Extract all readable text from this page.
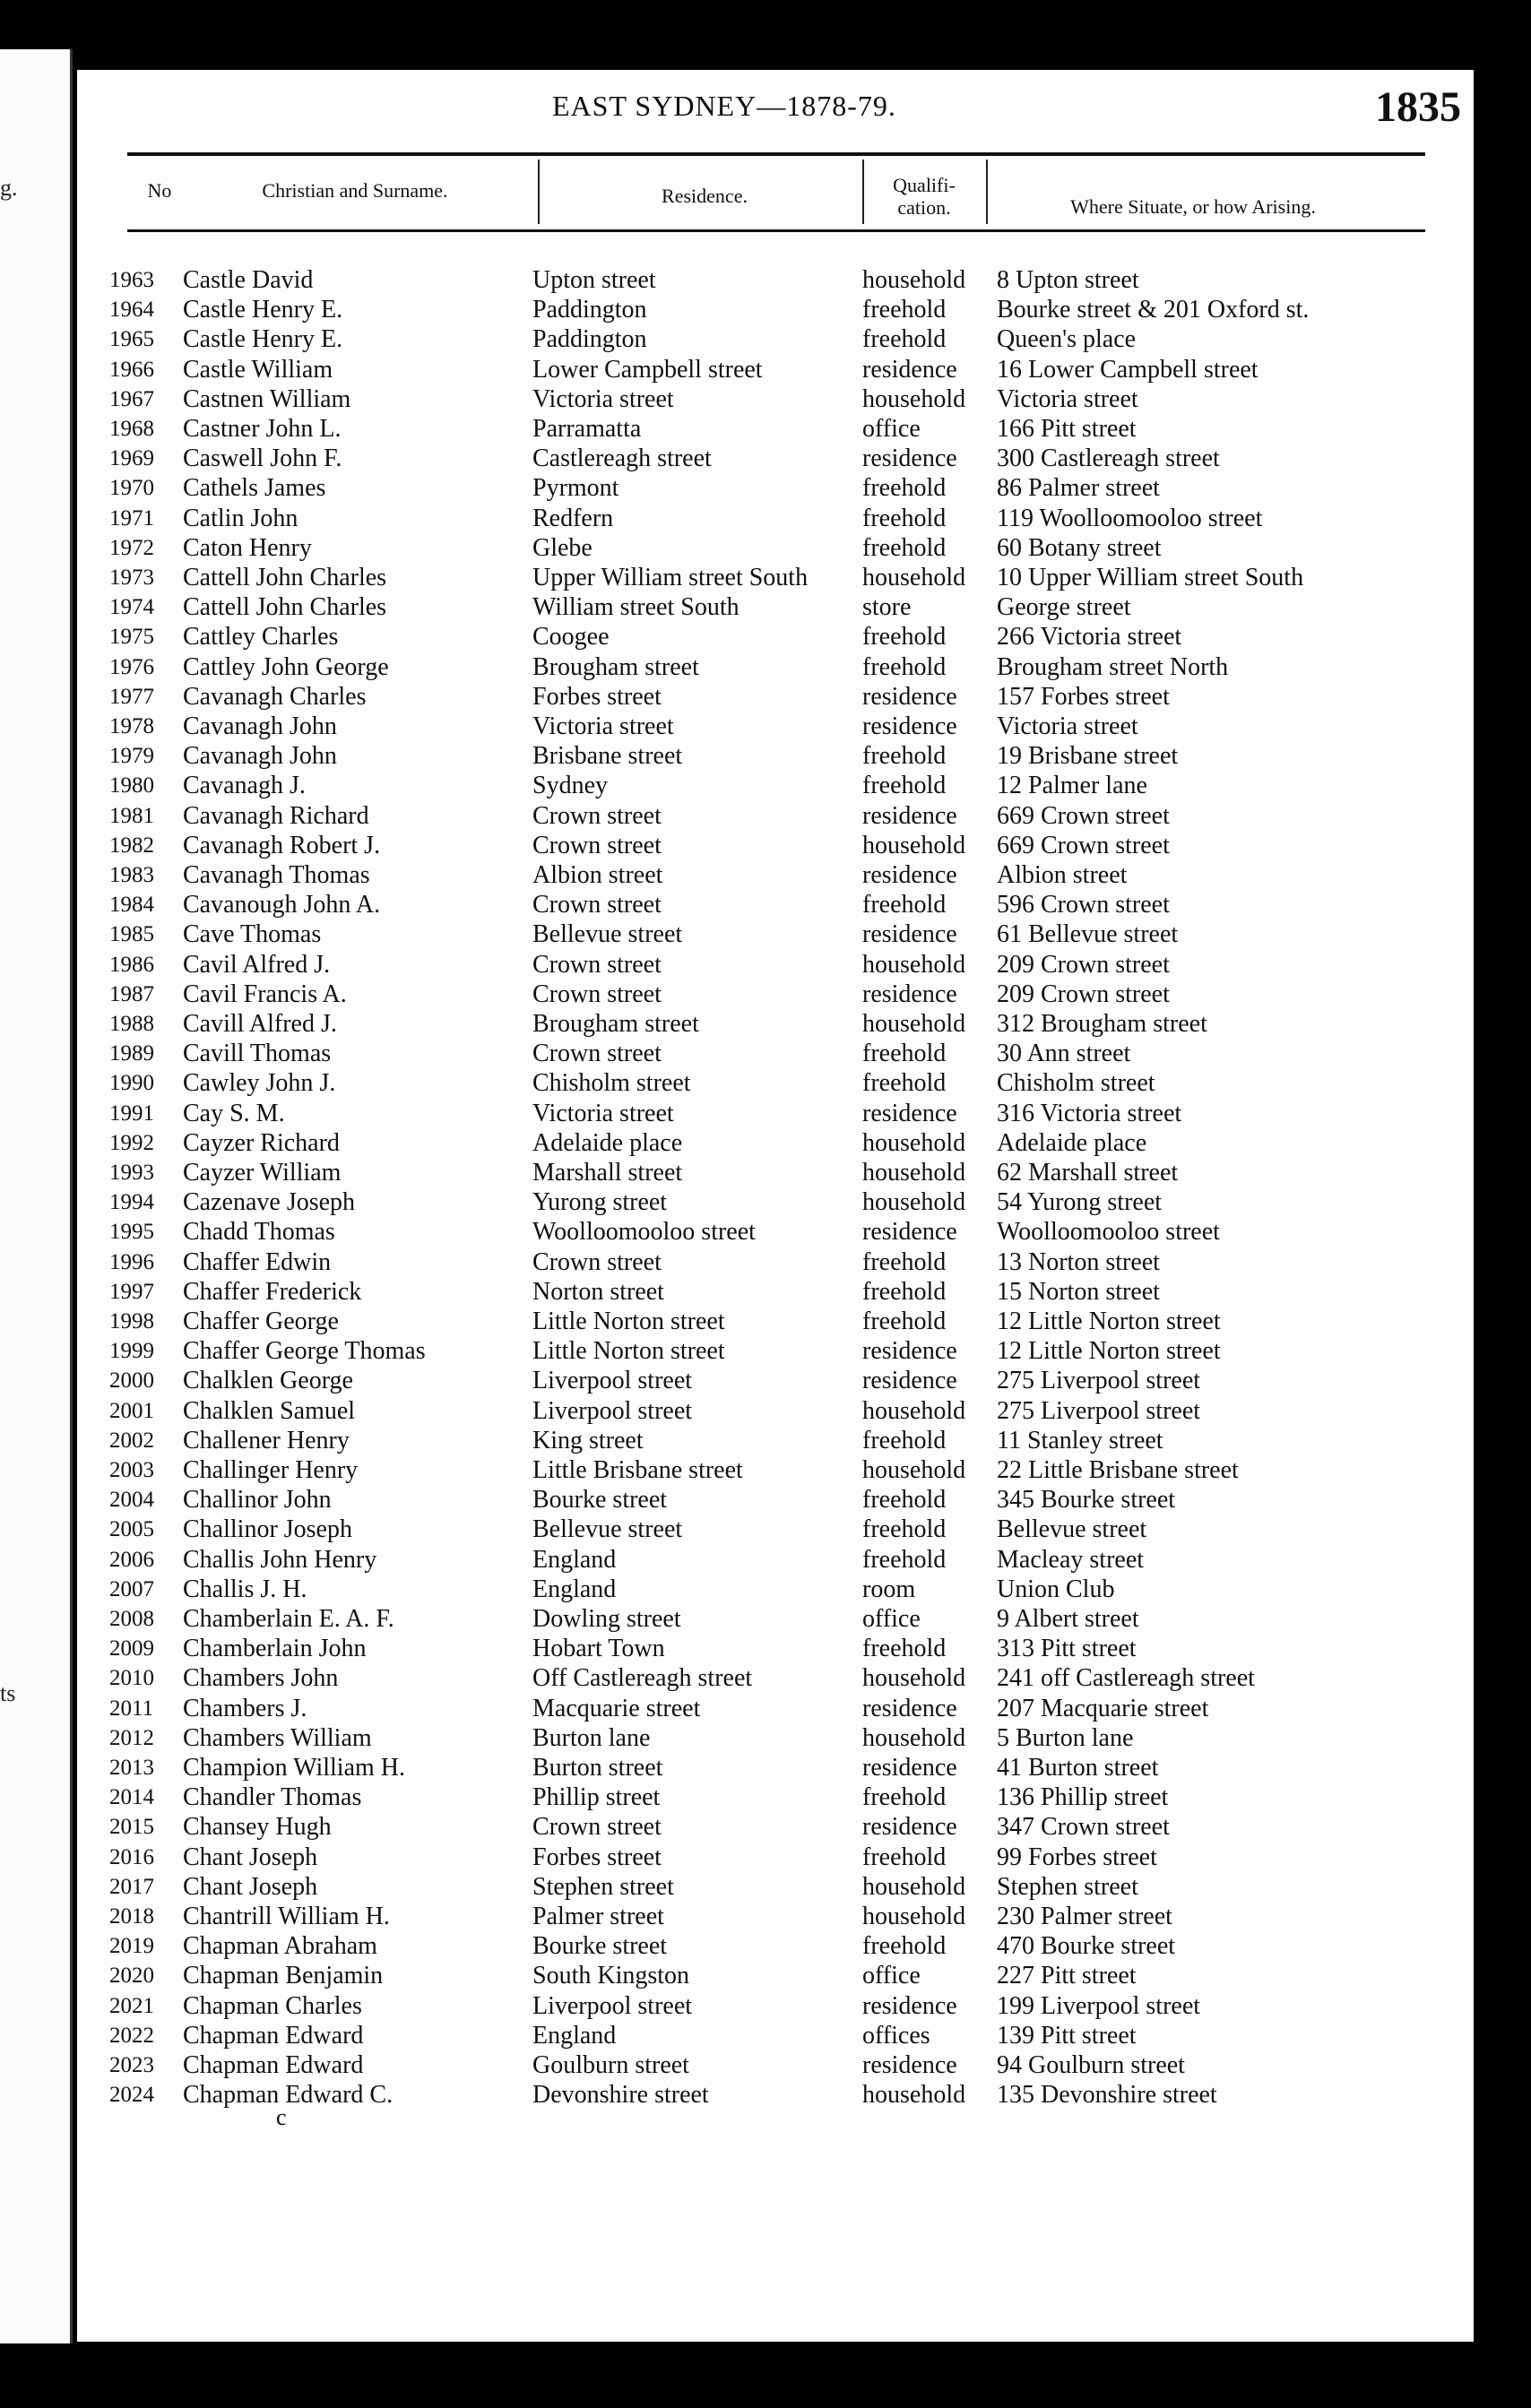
g.
ts
EAST SYDNEY—1878-79.	1835
No	Christian and Surname.	Residence.	Qualifi-
cation.	Where Situate, or how Arising.
1963 Castle David	Upton street	household 8 Upton street
1964 Castle Henry E.	Paddington	freehold Bourke street & 201 Oxford st.
1965 Castle Henry E.	Paddington	freehold Queen's place
1966 Castle William	Lower Campbell street	residence 16 Lower Campbell street
1967 Castnen William	Victoria street	household Victoria street
1968 Castner John L.	Parramatta	office	166 Pitt street
1969 Caswell John F.	Castlereagh street	residence 300 Castlereagh street
1970 Cathels James	Pyrmont	freehold 86 Palmer street
1971 Catlin John	Redfern	freehold 119 Woolloomooloo street
1972 Caton Henry	Glebe	freehold 60 Botany street
1973 Cattell John Charles	Upper William street South household 10 Upper William street South
1974 Cattell John Charles	William street South	store	George street
1975 Cattley Charles	Coogee	freehold 266 Victoria street
1976 Cattley John George	Brougham street	freehold Brougham street North
1977 Cavanagh Charles	Forbes street	residence 157 Forbes street
1978 Cavanagh John	Victoria street	residence Victoria street
1979 Cavanagh John	Brisbane street	freehold 19 Brisbane street
1980 Cavanagh J.	Sydney	freehold 12 Palmer lane
1981 Cavanagh Richard	Crown street	residence 669 Crown street
1982 Cavanagh Robert J.	Crown street	household 669 Crown street
1983 Cavanagh Thomas	Albion street	residence Albion street
1984 Cavanough John A.	Crown street	freehold 596 Crown street
1985 Cave Thomas	Bellevue street	residence 61 Bellevue street
1986 Cavil Alfred J.	Crown street	household 209 Crown street
1987 Cavil Francis A.	Crown street	residence 209 Crown street
1988 Cavill Alfred J.	Brougham street	household 312 Brougham street
1989 Cavill Thomas	Crown street	freehold 30 Ann street
1990 Cawley John J.	Chisholm street	freehold Chisholm street
1991 Cay S. M.	Victoria street	residence 316 Victoria street
1992 Cayzer Richard	Adelaide place	household Adelaide place
1993 Cayzer William	Marshall street	household 62 Marshall street
1994 Cazenave Joseph	Yurong street	household 54 Yurong street
1995 Chadd Thomas	Woolloomooloo street	residence Woolloomooloo street
1996 Chaffer Edwin	Crown street	freehold 13 Norton street
1997 Chaffer Frederick	Norton street	freehold 15 Norton street
1998 Chaffer George	Little Norton street	freehold 12 Little Norton street
1999 Chaffer George Thomas	Little Norton street	residence 12 Little Norton street
2000 Chalklen George	Liverpool street	residence 275 Liverpool street
2001 Chalklen Samuel	Liverpool street	household 275 Liverpool street
2002 Challener Henry	King street	freehold 11 Stanley street
2003 Challinger Henry	Little Brisbane street	household 22 Little Brisbane street
2004 Challinor John	Bourke street	freehold 345 Bourke street
2005 Challinor Joseph	Bellevue street	freehold Bellevue street
2006 Challis John Henry	England	freehold Macleay street
2007 Challis J. H.	England	room	Union Club
2008 Chamberlain E. A. F.	Dowling street	office	9 Albert street
2009 Chamberlain John	Hobart Town	freehold 313 Pitt street
2010 Chambers John	Off Castlereagh street	household 241 off Castlereagh street
2011 Chambers J.	Macquarie street	residence 207 Macquarie street
2012 Chambers William	Burton lane	household 5 Burton lane
2013 Champion William H.	Burton street	residence 41 Burton street
2014 Chandler Thomas	Phillip street	freehold 136 Phillip street
2015 Chansey Hugh	Crown street	residence 347 Crown street
2016 Chant Joseph	Forbes street	freehold 99 Forbes street
2017 Chant Joseph	Stephen street	household Stephen street
2018 Chantrill William H.	Palmer street	household 230 Palmer street
2019 Chapman Abraham	Bourke street	freehold 470 Bourke street
2020 Chapman Benjamin	South Kingston	office	227 Pitt street
2021 Chapman Charles	Liverpool street	residence 199 Liverpool street
2022 Chapman Edward	England	offices	139 Pitt street
2023 Chapman Edward	Goulburn street	residence 94 Goulburn street
2024 Chapman Edward C.	Devonshire street	household 135 Devonshire street
c
